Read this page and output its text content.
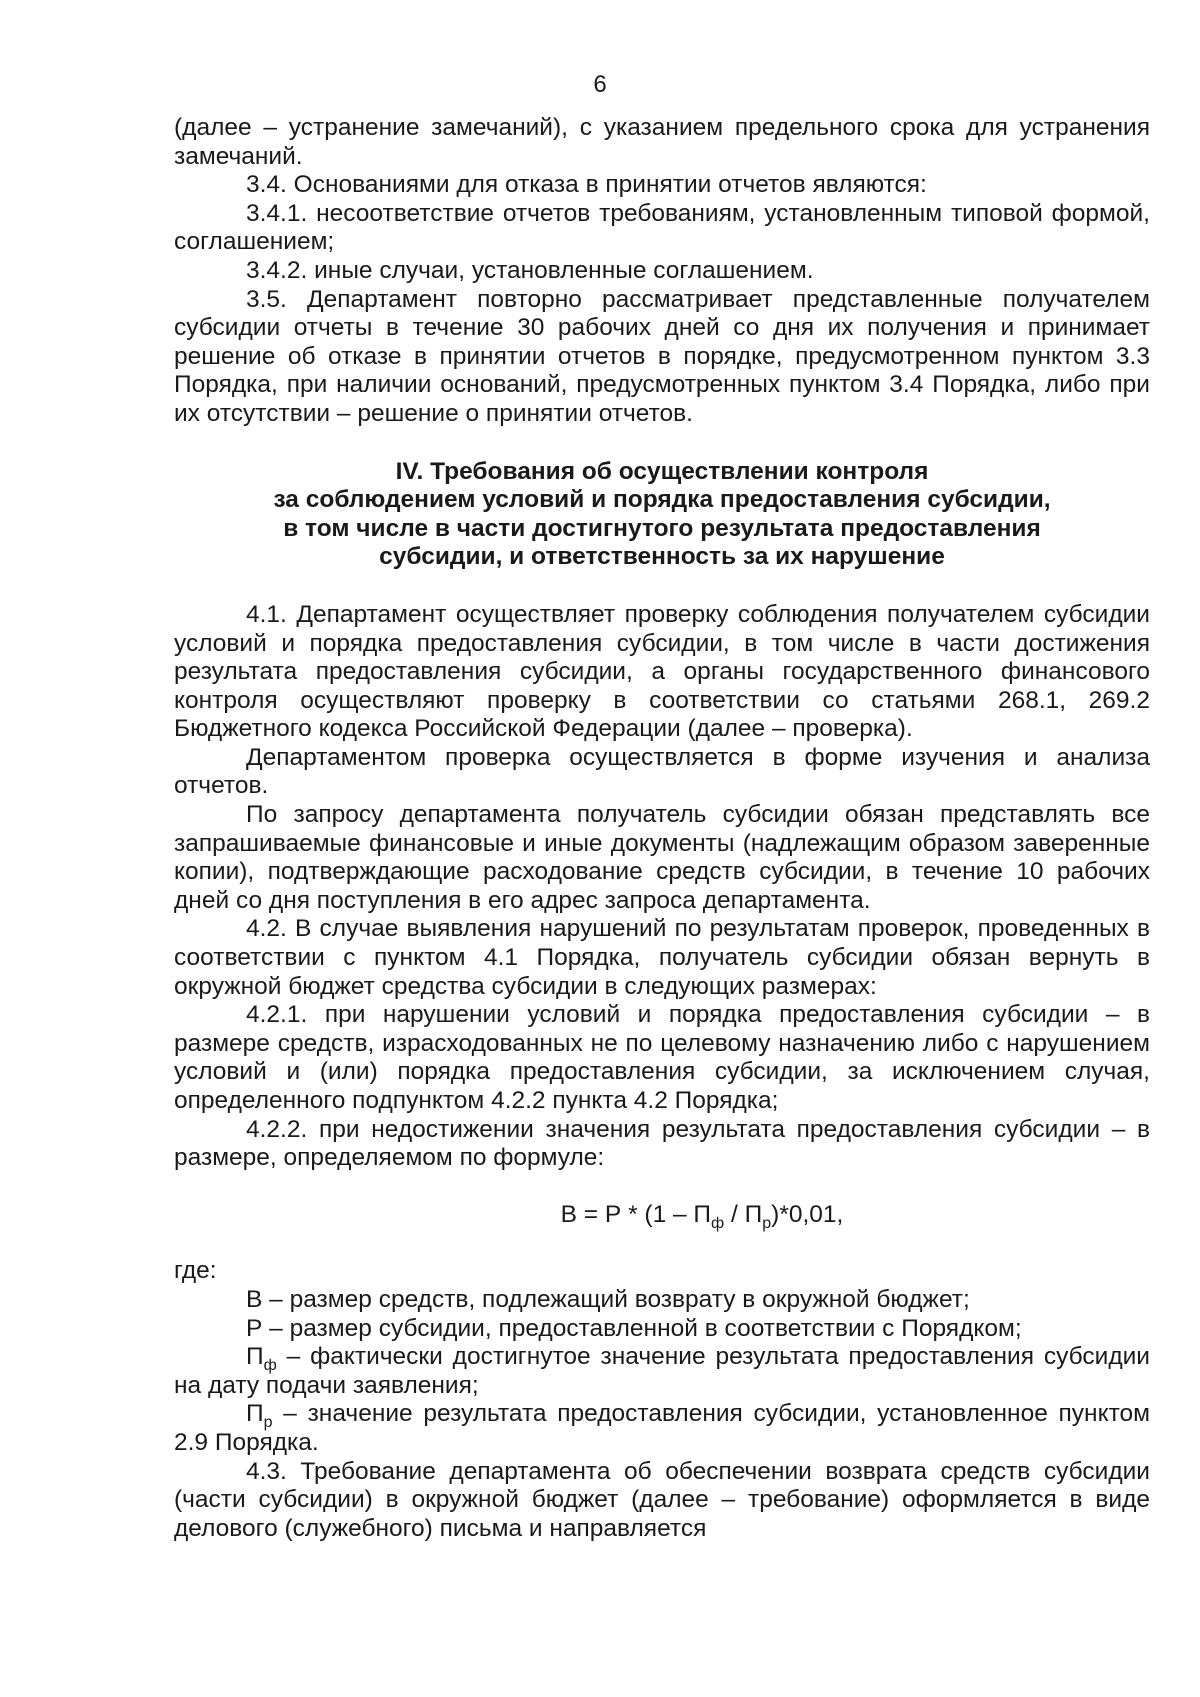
6

(далее – устранение замечаний), с указанием предельного срока для устранения замечаний.

3.4. Основаниями для отказа в принятии отчетов являются:

3.4.1. несоответствие отчетов требованиям, установленным типовой формой, соглашением;

3.4.2. иные случаи, установленные соглашением.

3.5. Департамент повторно рассматривает представленные получателем субсидии отчеты в течение 30 рабочих дней со дня их получения и принимает решение об отказе в принятии отчетов в порядке, предусмотренном пунктом 3.3 Порядка, при наличии оснований, предусмотренных пунктом 3.4 Порядка, либо при их отсутствии – решение о принятии отчетов.

IV. Требования об осуществлении контроля
за соблюдением условий и порядка предоставления субсидии,
в том числе в части достигнутого результата предоставления
субсидии, и ответственность за их нарушение

4.1. Департамент осуществляет проверку соблюдения получателем субсидии условий и порядка предоставления субсидии, в том числе в части достижения результата предоставления субсидии, а органы государственного финансового контроля осуществляют проверку в соответствии со статьями 268.1, 269.2 Бюджетного кодекса Российской Федерации (далее – проверка).

Департаментом проверка осуществляется в форме изучения и анализа отчетов.

По запросу департамента получатель субсидии обязан представлять все запрашиваемые финансовые и иные документы (надлежащим образом заверенные копии), подтверждающие расходование средств субсидии, в течение 10 рабочих дней со дня поступления в его адрес запроса департамента.

4.2. В случае выявления нарушений по результатам проверок, проведенных в соответствии с пунктом 4.1 Порядка, получатель субсидии обязан вернуть в окружной бюджет средства субсидии в следующих размерах:

4.2.1. при нарушении условий и порядка предоставления субсидии – в размере средств, израсходованных не по целевому назначению либо с нарушением условий и (или) порядка предоставления субсидии, за исключением случая, определенного подпунктом 4.2.2 пункта 4.2 Порядка;

4.2.2. при недостижении значения результата предоставления субсидии – в размере, определяемом по формуле:

$В = Р * (1 - П_ф / П_р)*0,01$,

где:

В – размер средств, подлежащий возврату в окружной бюджет;

Р – размер субсидии, предоставленной в соответствии с Порядком;

$П_ф$ – фактически достигнутое значение результата предоставления субсидии на дату подачи заявления;

$П_р$ – значение результата предоставления субсидии, установленное пунктом 2.9 Порядка.

4.3. Требование департамента об обеспечении возврата средств субсидии (части субсидии) в окружной бюджет (далее – требование) оформляется в виде делового (служебного) письма и направляется
